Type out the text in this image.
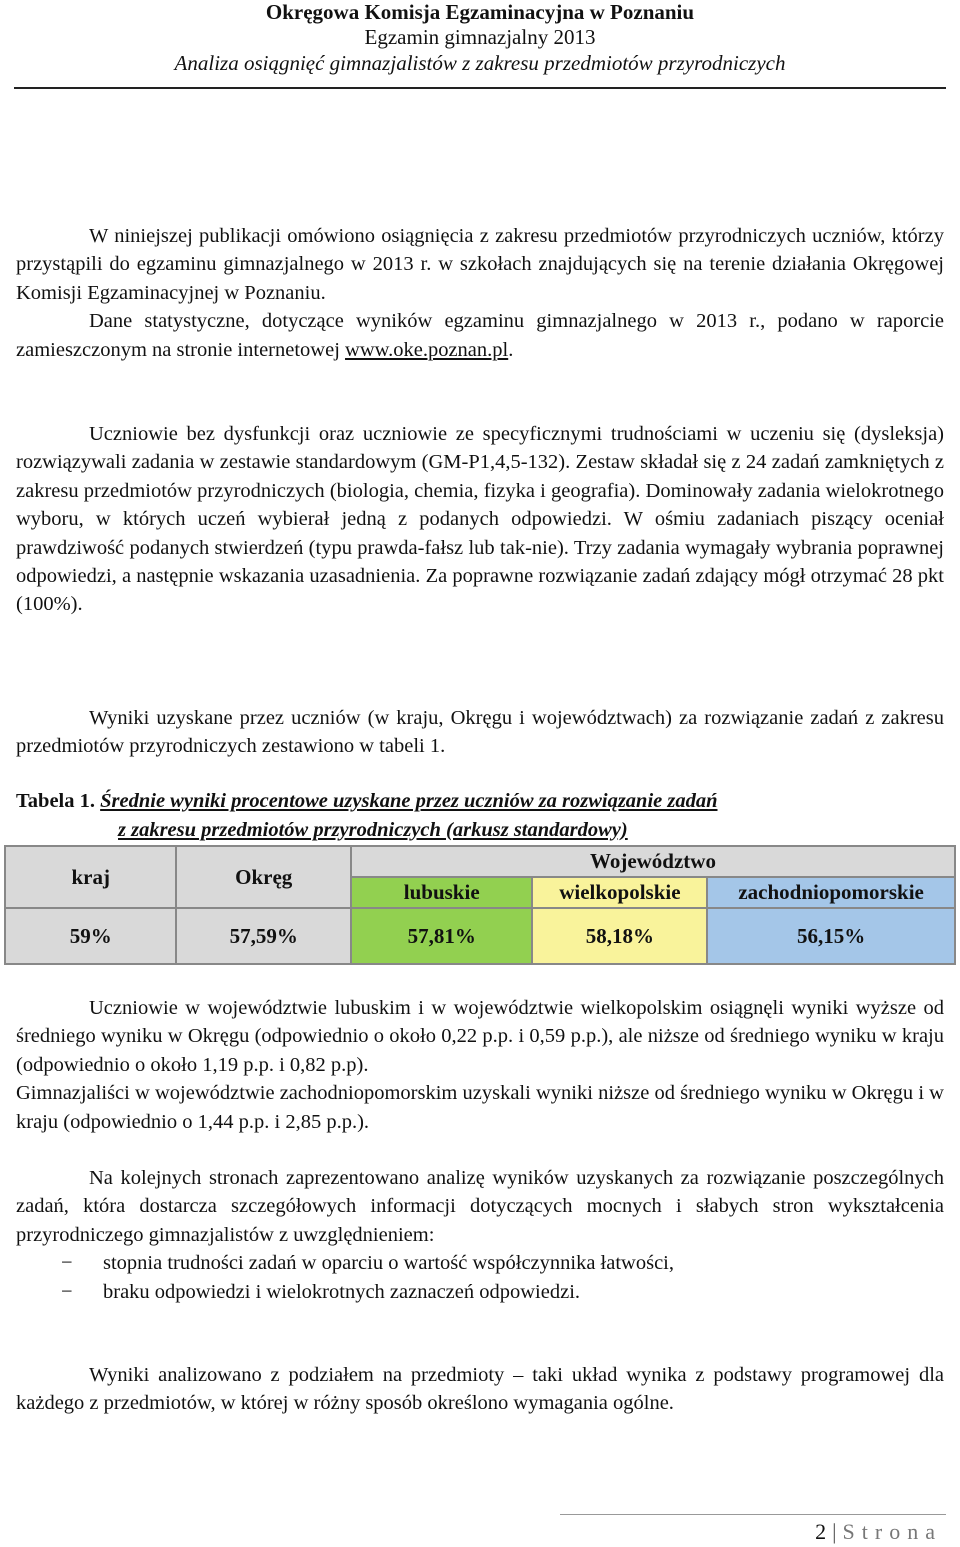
Okręgowa Komisja Egzaminacyjna w Poznaniu
Egzamin gimnazjalny 2013
Analiza osiągnięć gimnazjalistów z zakresu przedmiotów przyrodniczych

W niniejszej publikacji omówiono osiągnięcia z zakresu przedmiotów przyrodniczych uczniów, którzy przystąpili do egzaminu gimnazjalnego w 2013 r. w szkołach znajdujących się na terenie działania Okręgowej Komisji Egzaminacyjnej w Poznaniu.

Dane statystyczne, dotyczące wyników egzaminu gimnazjalnego w 2013 r., podano w raporcie zamieszczonym na stronie internetowej www.oke.poznan.pl.

Uczniowie bez dysfunkcji oraz uczniowie ze specyficznymi trudnościami w uczeniu się (dysleksja) rozwiązywali zadania w zestawie standardowym (GM-P1,4,5-132). Zestaw składał się z 24 zadań zamkniętych z zakresu przedmiotów przyrodniczych (biologia, chemia, fizyka i geografia). Dominowały zadania wielokrotnego wyboru, w których uczeń wybierał jedną z podanych odpowiedzi. W ośmiu zadaniach piszący oceniał prawdziwość podanych stwierdzeń (typu prawda-fałsz lub tak-nie). Trzy zadania wymagały wybrania poprawnej odpowiedzi, a następnie wskazania uzasadnienia. Za poprawne rozwiązanie zadań zdający mógł otrzymać 28 pkt (100%).

Wyniki uzyskane przez uczniów (w kraju, Okręgu i województwach) za rozwiązanie zadań z zakresu przedmiotów przyrodniczych zestawiono w tabeli 1.

Tabela 1. Średnie wyniki procentowe uzyskane przez uczniów za rozwiązanie zadań
z zakresu przedmiotów przyrodniczych (arkusz standardowy)
kraj	Okręg	Województwo		
		lubuskie	wielkopolskie	zachodniopomorskie
59%	57,59%	57,81%	58,18%	56,15%

Uczniowie w województwie lubuskim i w województwie wielkopolskim osiągnęli wyniki wyższe od średniego wyniku w Okręgu (odpowiednio o około 0,22 p.p. i 0,59 p.p.), ale niższe od średniego wyniku w kraju (odpowiednio o około 1,19 p.p. i 0,82 p.p).

Gimnazjaliści w województwie zachodniopomorskim uzyskali wyniki niższe od średniego wyniku w Okręgu i w kraju (odpowiednio o 1,44 p.p. i 2,85 p.p.).

Na kolejnych stronach zaprezentowano analizę wyników uzyskanych za rozwiązanie poszczególnych zadań, która dostarcza szczegółowych informacji dotyczących mocnych i słabych stron wykształcenia przyrodniczego gimnazjalistów z uwzględnieniem:

− stopnia trudności zadań w oparciu o wartość współczynnika łatwości,
− braku odpowiedzi i wielokrotnych zaznaczeń odpowiedzi.

Wyniki analizowano z podziałem na przedmioty – taki układ wynika z podstawy programowej dla każdego z przedmiotów, w której w różny sposób określono wymagania ogólne.

2 | Strona
